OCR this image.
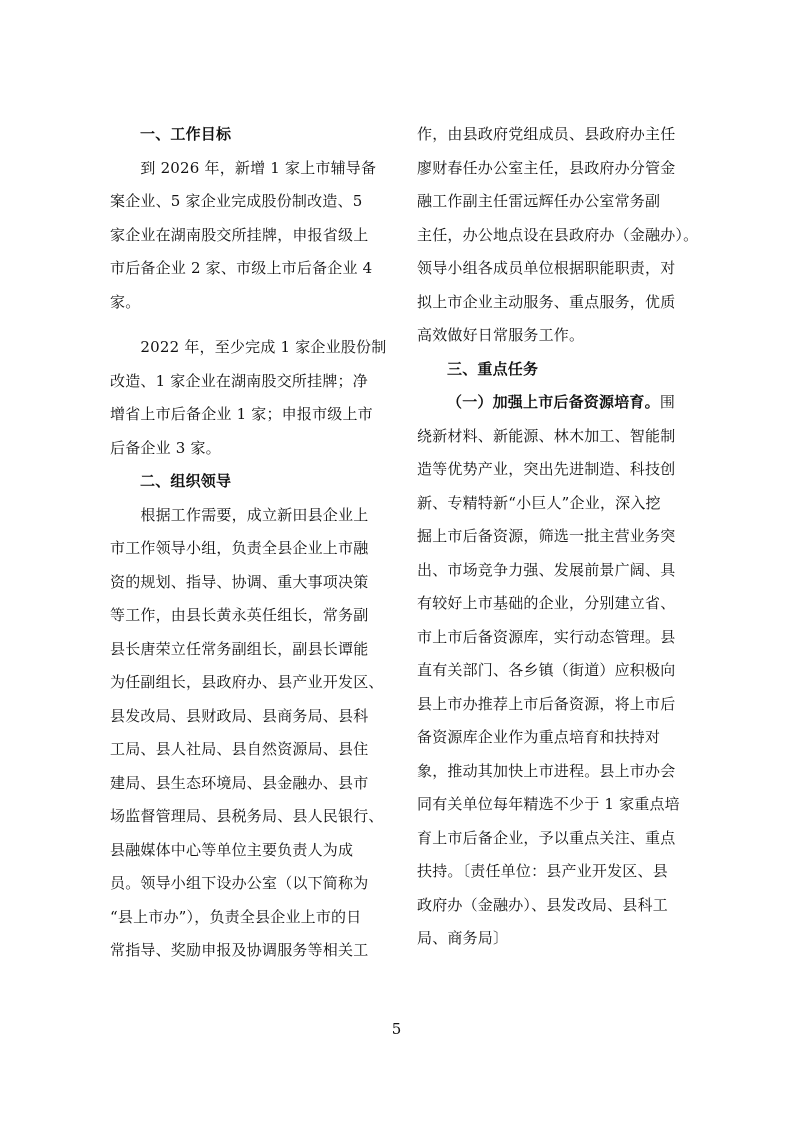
一、工作目标
　　到 2026 年，新增 1 家上市辅导备
案企业、5 家企业完成股份制改造、5
家企业在湖南股交所挂牌，申报省级上
市后备企业 2 家、市级上市后备企业 4
家。
　　2022 年，至少完成 1 家企业股份制
改造、1 家企业在湖南股交所挂牌；净
增省上市后备企业 1 家；申报市级上市
后备企业 3 家。
二、组织领导
　　根据工作需要，成立新田县企业上
市工作领导小组，负责全县企业上市融
资的规划、指导、协调、重大事项决策
等工作，由县长黄永英任组长，常务副
县长唐荣立任常务副组长，副县长谭能
为任副组长，县政府办、县产业开发区、
县发改局、县财政局、县商务局、县科
工局、县人社局、县自然资源局、县住
建局、县生态环境局、县金融办、县市
场监督管理局、县税务局、县人民银行、
县融媒体中心等单位主要负责人为成
员。领导小组下设办公室（以下简称为
“县上市办”），负责全县企业上市的日
常指导、奖励申报及协调服务等相关工
作，由县政府党组成员、县政府办主任
廖财春任办公室主任，县政府办分管金
融工作副主任雷远辉任办公室常务副
主任，办公地点设在县政府办（金融办）。
领导小组各成员单位根据职能职责，对
拟上市企业主动服务、重点服务，优质
高效做好日常服务工作。
三、重点任务
（一）加强上市后备资源培育。围
绕新材料、新能源、林木加工、智能制
造等优势产业，突出先进制造、科技创
新、专精特新“小巨人”企业，深入挖
掘上市后备资源，筛选一批主营业务突
出、市场竞争力强、发展前景广阔、具
有较好上市基础的企业，分别建立省、
市上市后备资源库，实行动态管理。县
直有关部门、各乡镇（街道）应积极向
县上市办推荐上市后备资源，将上市后
备资源库企业作为重点培育和扶持对
象，推动其加快上市进程。县上市办会
同有关单位每年精选不少于 1 家重点培
育上市后备企业，予以重点关注、重点
扶持。〔责任单位：县产业开发区、县
政府办（金融办）、县发改局、县科工
局、商务局〕
5
